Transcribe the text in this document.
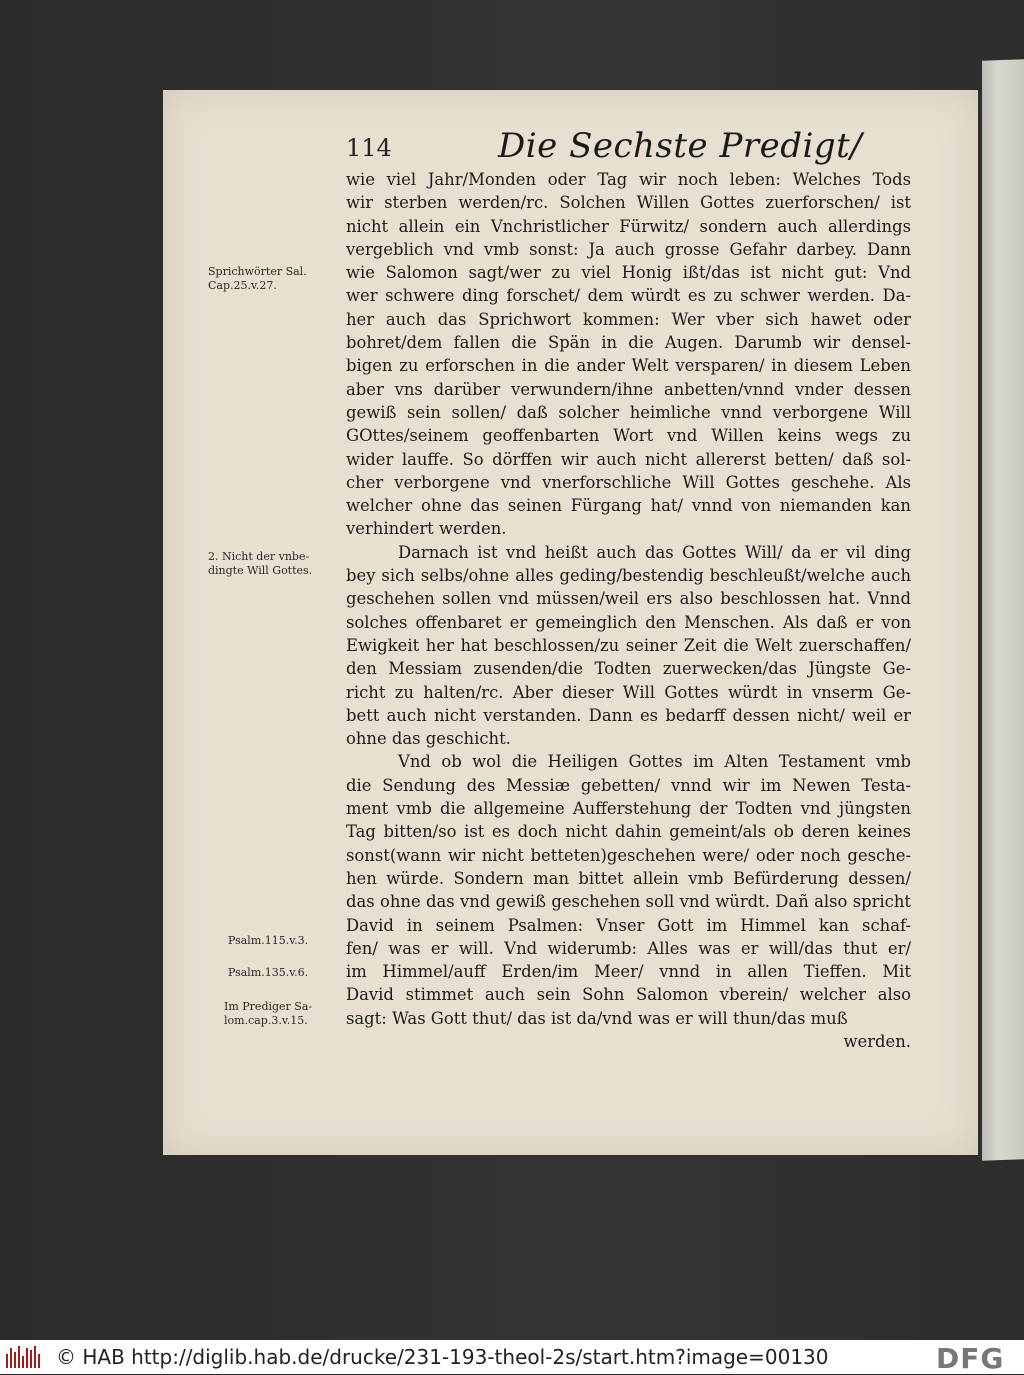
114	Die Sechste Predigt/
wie viel Jahr/Monden oder Tag wir noch leben: Welches Tods
wir sterben werden/rc. Solchen Willen Gottes zuerforschen/ ist
nicht allein ein Vnchristlicher Fürwitz/ sondern auch allerdings
vergeblich vnd vmb sonst: Ja auch grosse Gefahr darbey. Dann
wie Salomon sagt/wer zu viel Honig ißt/das ist nicht gut: Vnd
wer schwere ding forschet/ dem würdt es zu schwer werden. Da-
her auch das Sprichwort kommen: Wer vber sich hawet oder
bohret/dem fallen die Spän in die Augen. Darumb wir densel-
bigen zu erforschen in die ander Welt versparen/ in diesem Leben
aber vns darüber verwundern/ihne anbetten/vnnd vnder dessen
gewiß sein sollen/ daß solcher heimliche vnnd verborgene Will
GOttes/seinem geoffenbarten Wort vnd Willen keins wegs zu
wider lauffe. So dörffen wir auch nicht allererst betten/ daß sol-
cher verborgene vnd vnerforschliche Will Gottes geschehe. Als
welcher ohne das seinen Fürgang hat/ vnnd von niemanden kan
verhindert werden.
Darnach ist vnd heißt auch das Gottes Will/ da er vil ding
bey sich selbs/ohne alles geding/bestendig beschleußt/welche auch
geschehen sollen vnd müssen/weil ers also beschlossen hat. Vnnd
solches offenbaret er gemeinglich den Menschen. Als daß er von
Ewigkeit her hat beschlossen/zu seiner Zeit die Welt zuerschaffen/
den Messiam zusenden/die Todten zuerwecken/das Jüngste Ge-
richt zu halten/rc. Aber dieser Will Gottes würdt in vnserm Ge-
bett auch nicht verstanden. Dann es bedarff dessen nicht/ weil er
ohne das geschicht.
Vnd ob wol die Heiligen Gottes im Alten Testament vmb
die Sendung des Messiæ gebetten/ vnnd wir im Newen Testa-
ment vmb die allgemeine Aufferstehung der Todten vnd jüngsten
Tag bitten/so ist es doch nicht dahin gemeint/als ob deren keines
sonst(wann wir nicht betteten)geschehen were/ oder noch gesche-
hen würde. Sondern man bittet allein vmb Befürderung dessen/
das ohne das vnd gewiß geschehen soll vnd würdt. Dañ also spricht
David in seinem Psalmen: Vnser Gott im Himmel kan schaf-
fen/ was er will. Vnd widerumb: Alles was er will/das thut er/
im Himmel/auff Erden/im Meer/ vnnd in allen Tieffen. Mit
David stimmet auch sein Sohn Salomon vberein/ welcher also
sagt: Was Gott thut/ das ist da/vnd was er will thun/das muß
werden.
Sprichwörter Sal.
Cap.25.v.27.
2. Nicht der vnbe-
dingte Will Gottes.
Psalm.115.v.3.
Psalm.135.v.6.
Im Prediger Sa-
lom.cap.3.v.15.
© HAB http://diglib.hab.de/drucke/231-193-theol-2s/start.htm?image=00130	DFG
